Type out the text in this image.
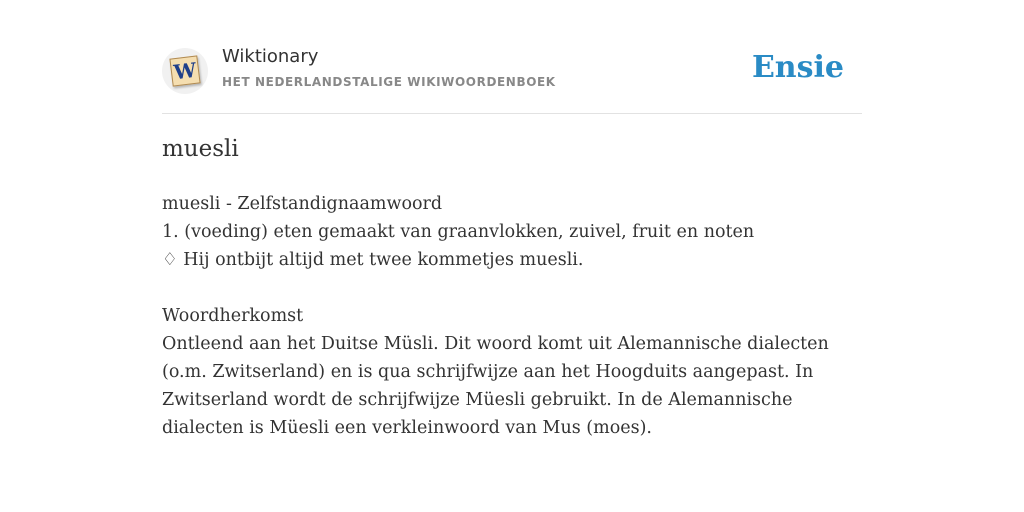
W
Wiktionary
HET NEDERLANDSTALIGE WIKIWOORDENBOEK	Ensie
muesli

muesli - Zelfstandignaamwoord

1. (voeding) eten gemaakt van graanvlokken, zuivel, fruit en noten

♢ Hij ontbijt altijd met twee kommetjes muesli.

Woordherkomst

Ontleend aan het Duitse Müsli. Dit woord komt uit Alemannische dialecten (o.m. Zwitserland) en is qua schrijfwijze aan het Hoogduits aangepast. In Zwitserland wordt de schrijfwijze Müesli gebruikt. In de Alemannische dialecten is Müesli een verkleinwoord van Mus (moes).
